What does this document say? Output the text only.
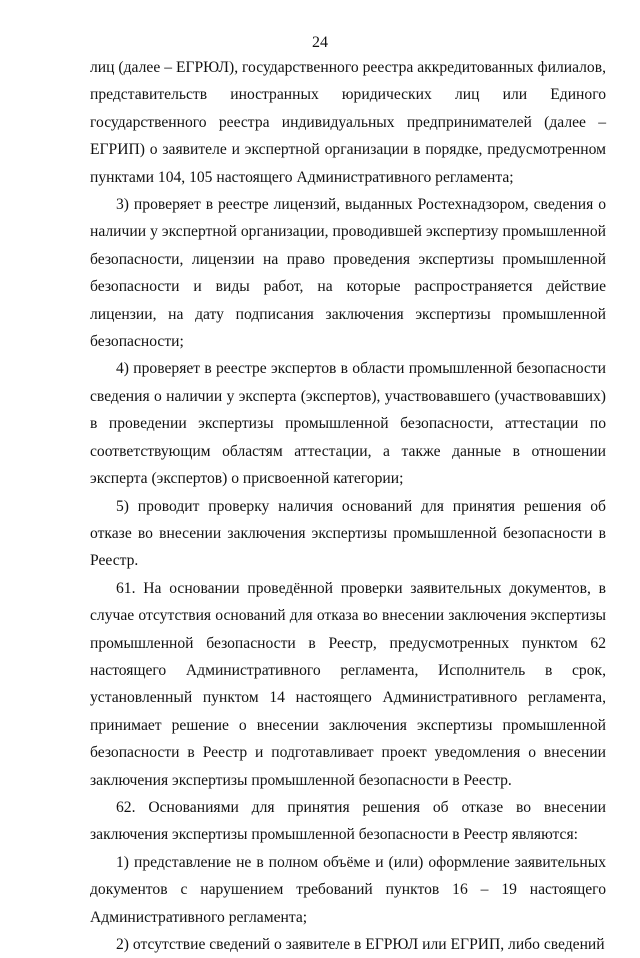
24

лиц (далее – ЕГРЮЛ), государственного реестра аккредитованных филиалов, представительств иностранных юридических лиц или Единого государственного реестра индивидуальных предпринимателей (далее – ЕГРИП) о заявителе и экспертной организации в порядке, предусмотренном пунктами 104, 105 настоящего Административного регламента;

3) проверяет в реестре лицензий, выданных Ростехнадзором, сведения о наличии у экспертной организации, проводившей экспертизу промышленной безопасности, лицензии на право проведения экспертизы промышленной безопасности и виды работ, на которые распространяется действие лицензии, на дату подписания заключения экспертизы промышленной безопасности;

4) проверяет в реестре экспертов в области промышленной безопасности сведения о наличии у эксперта (экспертов), участвовавшего (участвовавших) в проведении экспертизы промышленной безопасности, аттестации по соответствующим областям аттестации, а также данные в отношении эксперта (экспертов) о присвоенной категории;

5) проводит проверку наличия оснований для принятия решения об отказе во внесении заключения экспертизы промышленной безопасности в Реестр.

61. На основании проведённой проверки заявительных документов, в случае отсутствия оснований для отказа во внесении заключения экспертизы промышленной безопасности в Реестр, предусмотренных пунктом 62 настоящего Административного регламента, Исполнитель в срок, установленный пунктом 14 настоящего Административного регламента, принимает решение о внесении заключения экспертизы промышленной безопасности в Реестр и подготавливает проект уведомления о внесении заключения экспертизы промышленной безопасности в Реестр.

62. Основаниями для принятия решения об отказе во внесении заключения экспертизы промышленной безопасности в Реестр являются:

1) представление не в полном объёме и (или) оформление заявительных документов с нарушением требований пунктов 16 – 19 настоящего Административного регламента;

2) отсутствие сведений о заявителе в ЕГРЮЛ или ЕГРИП, либо сведений
